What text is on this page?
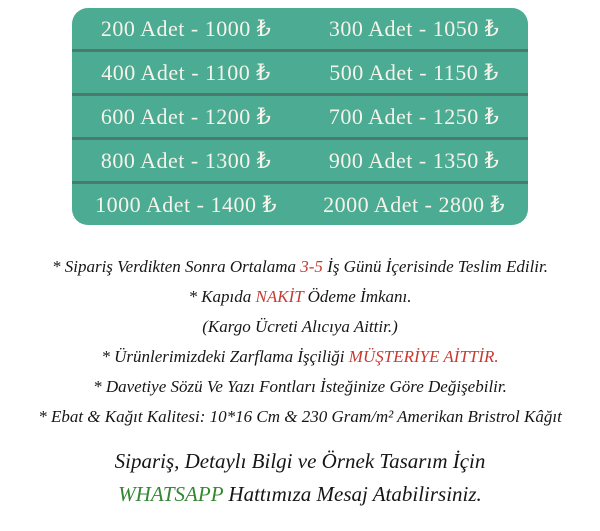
200 Adet - 1000 ₺	300 Adet - 1050 ₺
400 Adet - 1100 ₺	500 Adet - 1150 ₺
600 Adet - 1200 ₺	700 Adet - 1250 ₺
800 Adet - 1300 ₺	900 Adet - 1350 ₺
1000 Adet - 1400 ₺	2000 Adet - 2800 ₺

* Sipariş Verdikten Sonra Ortalama 3-5 İş Günü İçerisinde Teslim Edilir.

* Kapıda NAKİT Ödeme İmkanı.

(Kargo Ücreti Alıcıya Aittir.)

* Ürünlerimizdeki Zarflama İşçiliği MÜŞTERİYE AİTTİR.

* Davetiye Sözü Ve Yazı Fontları İsteğinize Göre Değişebilir.

* Ebat & Kağıt Kalitesi: 10*16 Cm & 230 Gram/m² Amerikan Bristrol Kâğıt

Sipariş, Detaylı Bilgi ve Örnek Tasarım İçin

WHATSAPP Hattımıza Mesaj Atabilirsiniz.
